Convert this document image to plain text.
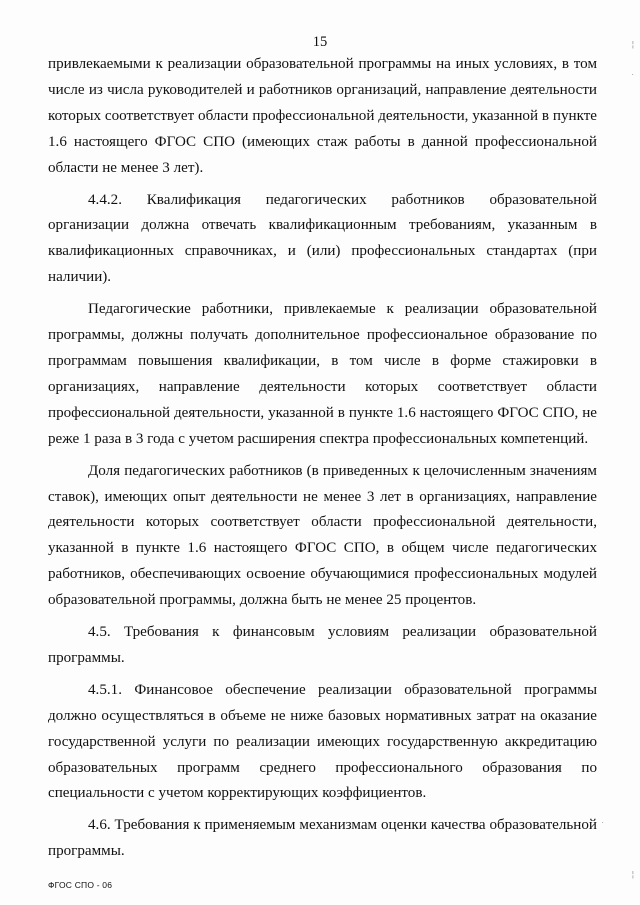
15

привлекаемыми к реализации образовательной программы на иных условиях, в том числе из числа руководителей и работников организаций, направление деятельности которых соответствует области профессиональной деятельности, указанной в пункте 1.6 настоящего ФГОС СПО (имеющих стаж работы в данной профессиональной области не менее 3 лет).

4.4.2. Квалификация педагогических работников образовательной организации должна отвечать квалификационным требованиям, указанным в квалификационных справочниках, и (или) профессиональных стандартах (при наличии).

Педагогические работники, привлекаемые к реализации образовательной программы, должны получать дополнительное профессиональное образование по программам повышения квалификации, в том числе в форме стажировки в организациях, направление деятельности которых соответствует области профессиональной деятельности, указанной в пункте 1.6 настоящего ФГОС СПО, не реже 1 раза в 3 года с учетом расширения спектра профессиональных компетенций.

Доля педагогических работников (в приведенных к целочисленным значениям ставок), имеющих опыт деятельности не менее 3 лет в организациях, направление деятельности которых соответствует области профессиональной деятельности, указанной в пункте 1.6 настоящего ФГОС СПО, в общем числе педагогических работников, обеспечивающих освоение обучающимися профессиональных модулей образовательной программы, должна быть не менее 25 процентов.

4.5. Требования к финансовым условиям реализации образовательной программы.

4.5.1. Финансовое обеспечение реализации образовательной программы должно осуществляться в объеме не ниже базовых нормативных затрат на оказание государственной услуги по реализации имеющих государственную аккредитацию образовательных программ среднего профессионального образования по специальности с учетом корректирующих коэффициентов.

4.6. Требования к применяемым механизмам оценки качества образовательной программы.

ФГОС СПО - 06
¦
·
·
¦
